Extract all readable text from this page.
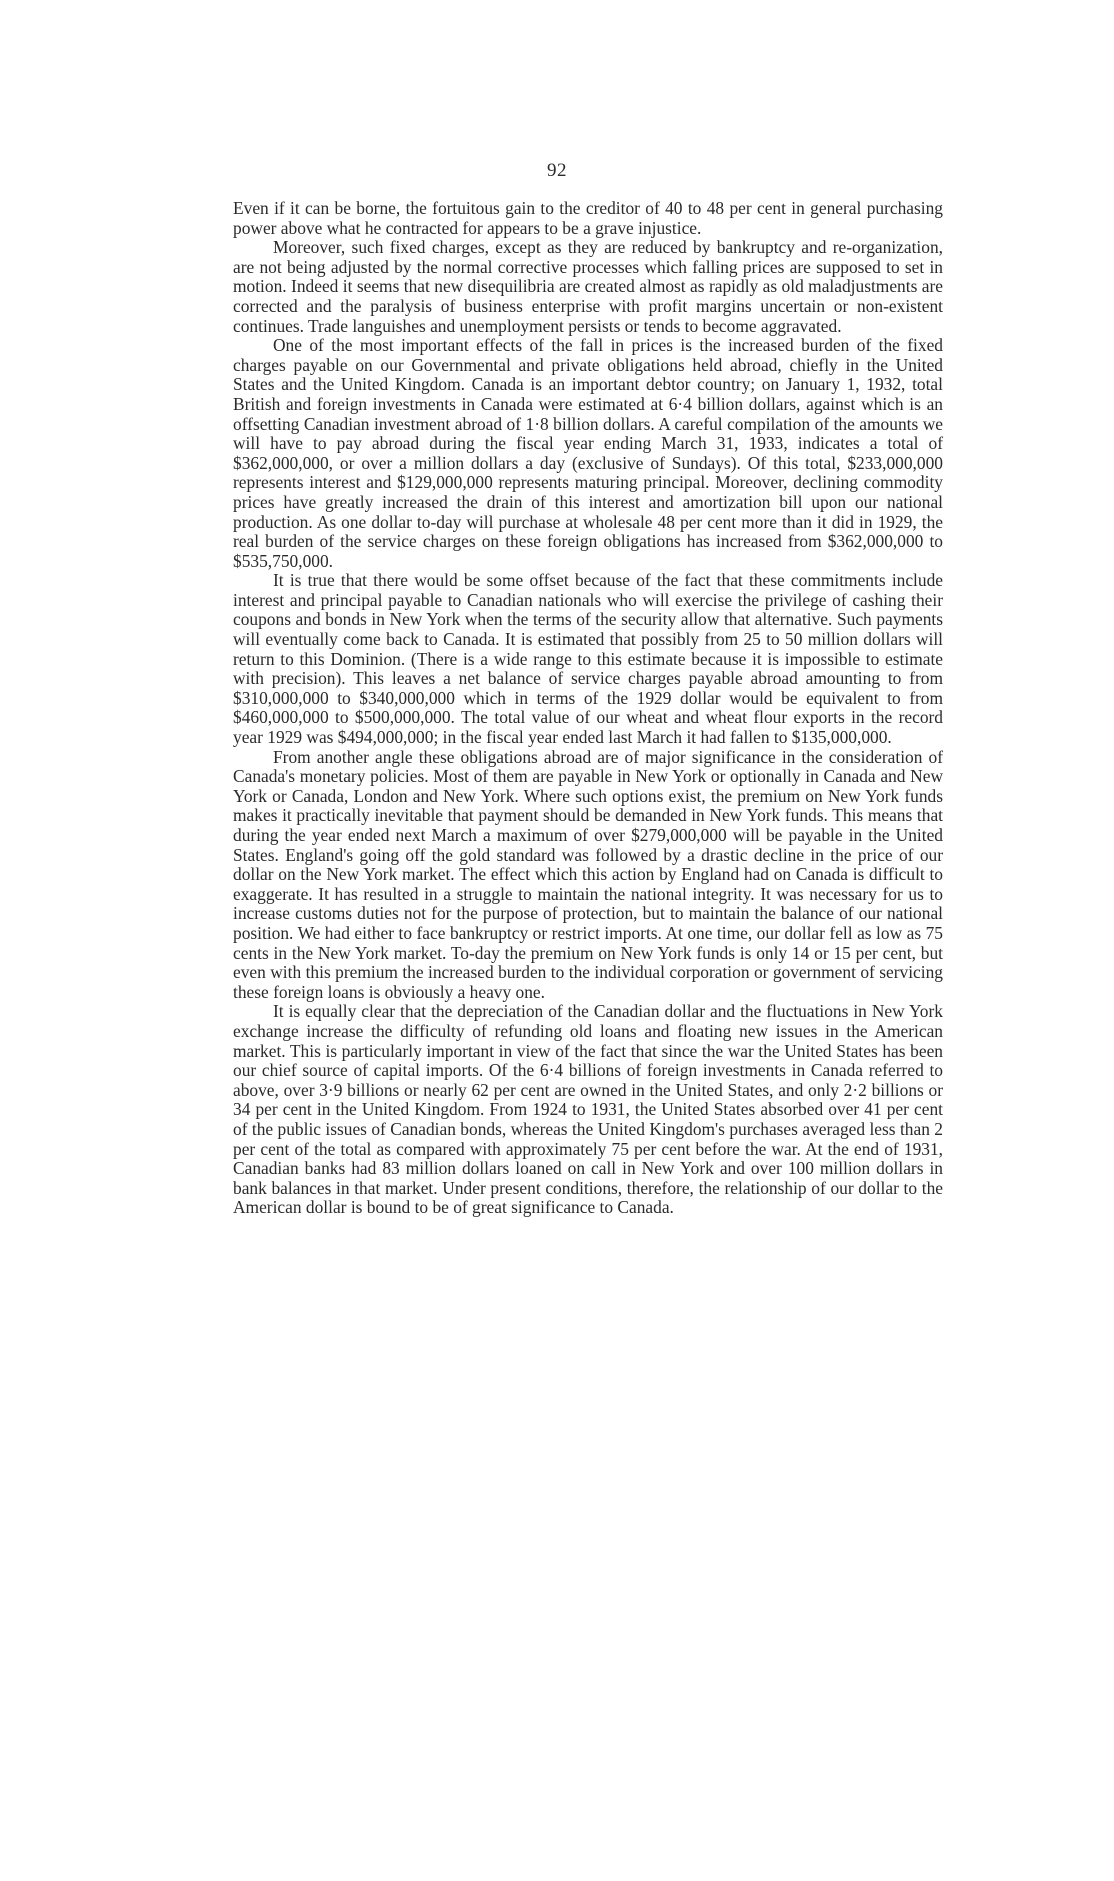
92

Even if it can be borne, the fortuitous gain to the creditor of 40 to 48 per cent in general purchasing power above what he contracted for appears to be a grave injustice.

Moreover, such fixed charges, except as they are reduced by bankruptcy and re-organization, are not being adjusted by the normal corrective processes which falling prices are supposed to set in motion. Indeed it seems that new disequilibria are created almost as rapidly as old maladjustments are corrected and the paralysis of business enterprise with profit margins uncertain or non-existent continues. Trade languishes and unemployment persists or tends to become aggravated.

One of the most important effects of the fall in prices is the increased burden of the fixed charges payable on our Governmental and private obligations held abroad, chiefly in the United States and the United Kingdom. Canada is an important debtor country; on January 1, 1932, total British and foreign investments in Canada were estimated at 6·4 billion dollars, against which is an offsetting Canadian investment abroad of 1·8 billion dollars. A careful compilation of the amounts we will have to pay abroad during the fiscal year ending March 31, 1933, indicates a total of $362,000,000, or over a million dollars a day (exclusive of Sundays). Of this total, $233,000,000 represents interest and $129,000,000 represents maturing principal. Moreover, declining commodity prices have greatly increased the drain of this interest and amortization bill upon our national production. As one dollar to-day will purchase at wholesale 48 per cent more than it did in 1929, the real burden of the service charges on these foreign obligations has increased from $362,000,000 to $535,750,000.

It is true that there would be some offset because of the fact that these commitments include interest and principal payable to Canadian nationals who will exercise the privilege of cashing their coupons and bonds in New York when the terms of the security allow that alternative. Such payments will eventually come back to Canada. It is estimated that possibly from 25 to 50 million dollars will return to this Dominion. (There is a wide range to this estimate because it is impossible to estimate with precision). This leaves a net balance of service charges payable abroad amounting to from $310,000,000 to $340,000,000 which in terms of the 1929 dollar would be equivalent to from $460,000,000 to $500,000,000. The total value of our wheat and wheat flour exports in the record year 1929 was $494,000,000; in the fiscal year ended last March it had fallen to $135,000,000.

From another angle these obligations abroad are of major significance in the consideration of Canada's monetary policies. Most of them are payable in New York or optionally in Canada and New York or Canada, London and New York. Where such options exist, the premium on New York funds makes it practically inevitable that payment should be demanded in New York funds. This means that during the year ended next March a maximum of over $279,000,000 will be payable in the United States. England's going off the gold standard was followed by a drastic decline in the price of our dollar on the New York market. The effect which this action by England had on Canada is difficult to exaggerate. It has resulted in a struggle to maintain the national integrity. It was necessary for us to increase customs duties not for the purpose of protection, but to maintain the balance of our national position. We had either to face bankruptcy or restrict imports. At one time, our dollar fell as low as 75 cents in the New York market. To-day the premium on New York funds is only 14 or 15 per cent, but even with this premium the increased burden to the individual corporation or government of servicing these foreign loans is obviously a heavy one.

It is equally clear that the depreciation of the Canadian dollar and the fluctuations in New York exchange increase the difficulty of refunding old loans and floating new issues in the American market. This is particularly important in view of the fact that since the war the United States has been our chief source of capital imports. Of the 6·4 billions of foreign investments in Canada referred to above, over 3·9 billions or nearly 62 per cent are owned in the United States, and only 2·2 billions or 34 per cent in the United Kingdom. From 1924 to 1931, the United States absorbed over 41 per cent of the public issues of Canadian bonds, whereas the United Kingdom's purchases averaged less than 2 per cent of the total as compared with approximately 75 per cent before the war. At the end of 1931, Canadian banks had 83 million dollars loaned on call in New York and over 100 million dollars in bank balances in that market. Under present conditions, therefore, the relationship of our dollar to the American dollar is bound to be of great significance to Canada.
